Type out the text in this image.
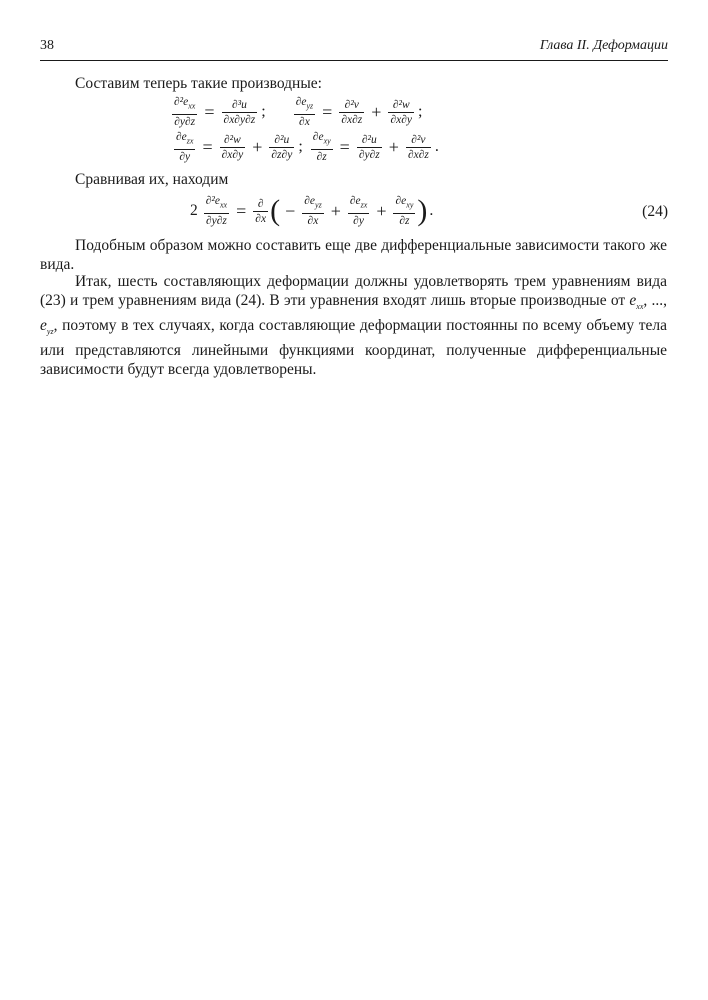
38	Глава II. Деформации
Составим теперь такие производные:
$\frac{\partial^2e_{xx}}{\partial y\partial z} = \frac{\text{∂³u}}{\partial x\partial y\partial z}$ ; $\frac{\partial e_{yz}}{\partial x} = \frac{\text{∂²v}}{\partial x\partial z} + \frac{\text{∂²w}}{\partial x\partial y}$ ;
$\frac{\partial e_{zx}}{\partial y} = \frac{\text{∂²w}}{\partial x\partial y} + \frac{\text{∂²u}}{\partial z\partial y}$ ; $\frac{\partial e_{xy}}{\partial z} = \frac{\text{∂²u}}{\partial y\partial z} + \frac{\text{∂²v}}{\partial x\partial z}$ .
Сравнивая их, находим
$2 \frac{\partial^2e_{xx}}{\partial y\partial z} = \frac{\partial}{\partial x}$ ( − $\frac{\partial e_{yz}}{\partial x} + \frac{\partial e_{zx}}{\partial y} + \frac{\partial e_{xy}}{\partial z}$ ) .	(24)
Подобным образом можно составить еще две дифференциальные зависимости такого же вида.
Итак, шесть составляющих деформации должны удовлетворять трем уравнениям вида (23) и трем уравнениям вида (24). В эти уравнения входят лишь вторые производные от $e_{xx}$, ..., $e_{yz}$, поэтому в тех случаях, когда составляющие деформации постоянны по всему объему тела или представляются линейными функциями координат, полученные дифференциальные зависимости будут всегда удовлетворены.
